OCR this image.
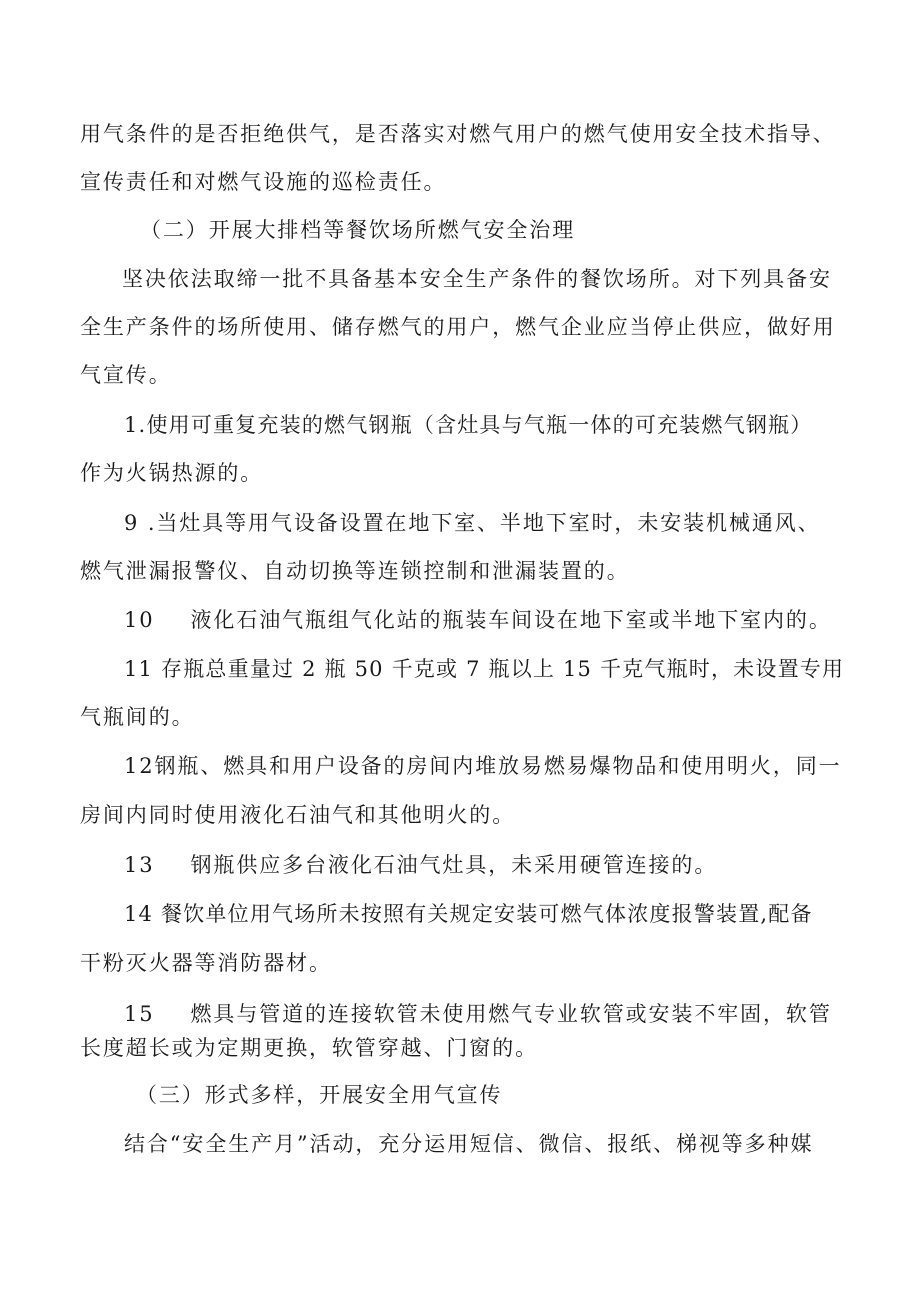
用气条件的是否拒绝供气，是否落实对燃气用户的燃气使用安全技术指导、
宣传责任和对燃气设施的巡检责任。
（二）开展大排档等餐饮场所燃气安全治理
坚决依法取缔一批不具备基本安全生产条件的餐饮场所。对下列具备安
全生产条件的场所使用、储存燃气的用户，燃气企业应当停止供应，做好用
气宣传。
1.使用可重复充装的燃气钢瓶（含灶具与气瓶一体的可充装燃气钢瓶）
作为火锅热源的。
9 .当灶具等用气设备设置在地下室、半地下室时，未安装机械通风、
燃气泄漏报警仪、自动切换等连锁控制和泄漏装置的。
10 液化石油气瓶组气化站的瓶装车间设在地下室或半地下室内的。
11 存瓶总重量过 2 瓶 50 千克或 7 瓶以上 15 千克气瓶时，未设置专用
气瓶间的。
12钢瓶、燃具和用户设备的房间内堆放易燃易爆物品和使用明火，同一
房间内同时使用液化石油气和其他明火的。
13 钢瓶供应多台液化石油气灶具，未采用硬管连接的。
14 餐饮单位用气场所未按照有关规定安装可燃气体浓度报警装置,配备
干粉灭火器等消防器材。
15 燃具与管道的连接软管未使用燃气专业软管或安装不牢固，软管
长度超长或为定期更换，软管穿越、门窗的。
（三）形式多样，开展安全用气宣传
结合“安全生产月”活动，充分运用短信、微信、报纸、梯视等多种媒
